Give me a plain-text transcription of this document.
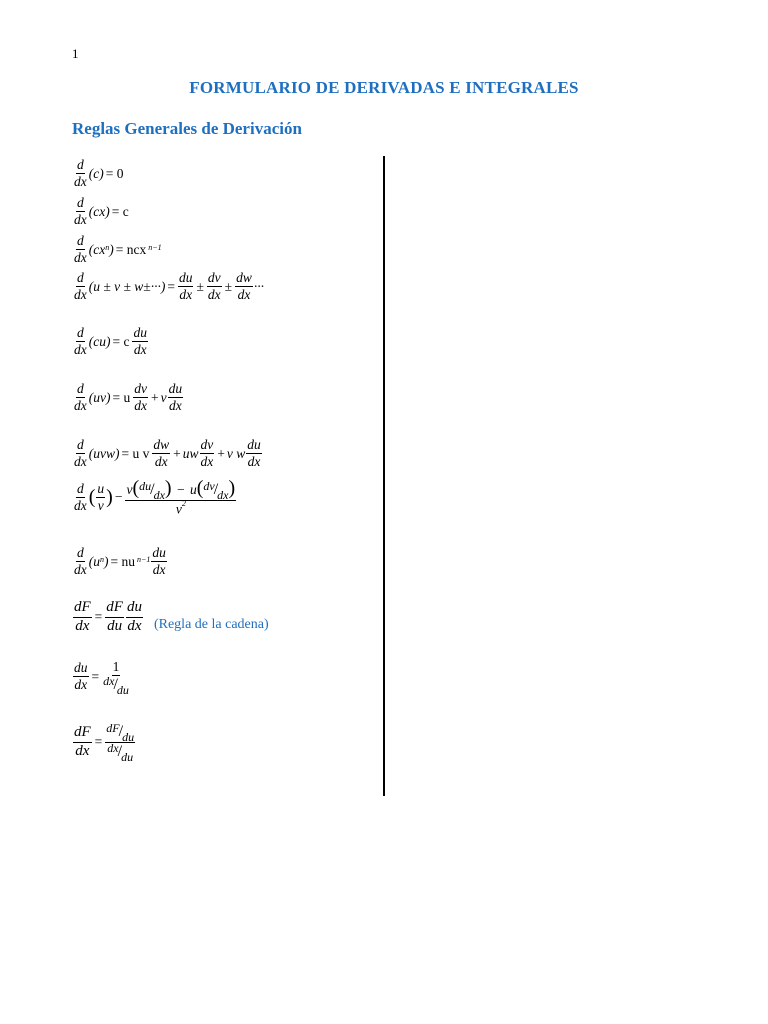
1
FORMULARIO DE DERIVADAS E INTEGRALES
Reglas Generales de Derivación
$\frac{d}{dx} (c) = 0$
$\frac{d}{dx} (cx) = c$
$\frac{d}{dx} (cx$ n ) = ncx n−1
$\frac{d}{dx} (u \pm v \pm w\pm\cdot\cdot\cdot) = \frac{du}{dx} \pm \frac{dv}{dx} \pm \frac{dw}{dx}$ ···
$\frac{d}{dx} (cu) = c \frac{du}{dx}$
$\frac{d}{dx} (uv) = u \frac{dv}{dx} + v \frac{du}{dx}$
$\frac{d}{dx} (uvw) = u$ v $\frac{dw}{dx}$ + uw $\frac{dv}{dx} + v$ w $\frac{du}{dx}$
$\frac{d}{dx}$ ( $\frac{u}{v}$ ) − $\frac{v(du/dx) - u(dv/dx)}{v^2}$
$\frac{d}{dx} (u$ n ) = nu $n-1 \frac{du}{dx}$
$\frac{dF}{dx} = \frac{dF}{du} \frac{du}{dx}$ (Regla de la cadena)
$\frac{du}{dx} = \frac{1}{dx/du}$
$\frac{dF}{dx} = \frac{dF/du}{dx/du}$
